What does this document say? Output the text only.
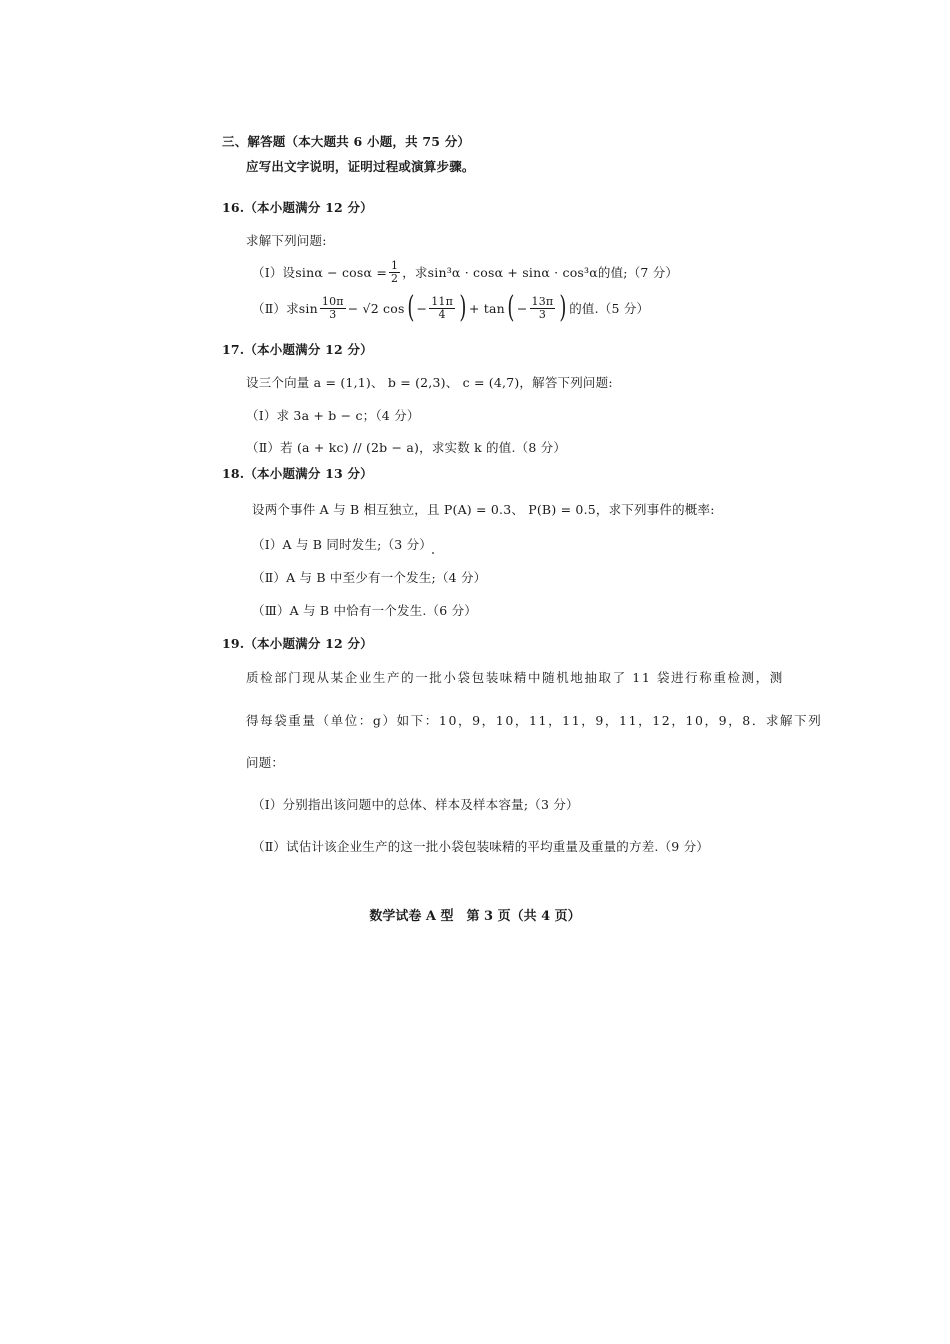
三、解答题（本大题共 6 小题，共 75 分）
应写出文字说明，证明过程或演算步骤。
16.（本小题满分 12 分）
求解下列问题:
（Ⅰ）设 $\sin\alpha - \cos\alpha = \frac{1}{2}$ ，求 sin³α · cosα + sinα · cos³α 的值;（7 分）
（Ⅱ）求 $\sin \frac{10\pi}{3} - √2$ cos ( − $\frac{11\pi}{4}$ ) + tan ( − $\frac{13\pi}{3}$ ) 的值.（5 分）
17.（本小题满分 12 分）
设三个向量 a = (1,1)、 b = (2,3)、 c = (4,7)，解答下列问题:
（Ⅰ）求 3a + b − c；（4 分）
（Ⅱ）若 (a + kc) // (2b − a)，求实数 k 的值.（8 分）
18.（本小题满分 13 分）
设两个事件 A 与 B 相互独立，且 P(A) = 0.3、 P(B) = 0.5，求下列事件的概率:
（Ⅰ）A 与 B 同时发生;（3 分）
（Ⅱ）A 与 B 中至少有一个发生;（4 分）
（Ⅲ）A 与 B 中恰有一个发生.（6 分）
19.（本小题满分 12 分）
质检部门现从某企业生产的一批小袋包装味精中随机地抽取了 11 袋进行称重检测，测
得每袋重量（单位：g）如下：10，9，10，11，11，9，11，12，10，9，8．求解下列
问题：
（Ⅰ）分别指出该问题中的总体、样本及样本容量;（3 分）
（Ⅱ）试估计该企业生产的这一批小袋包装味精的平均重量及重量的方差.（9 分）
数学试卷 A 型　第 3 页（共 4 页）
